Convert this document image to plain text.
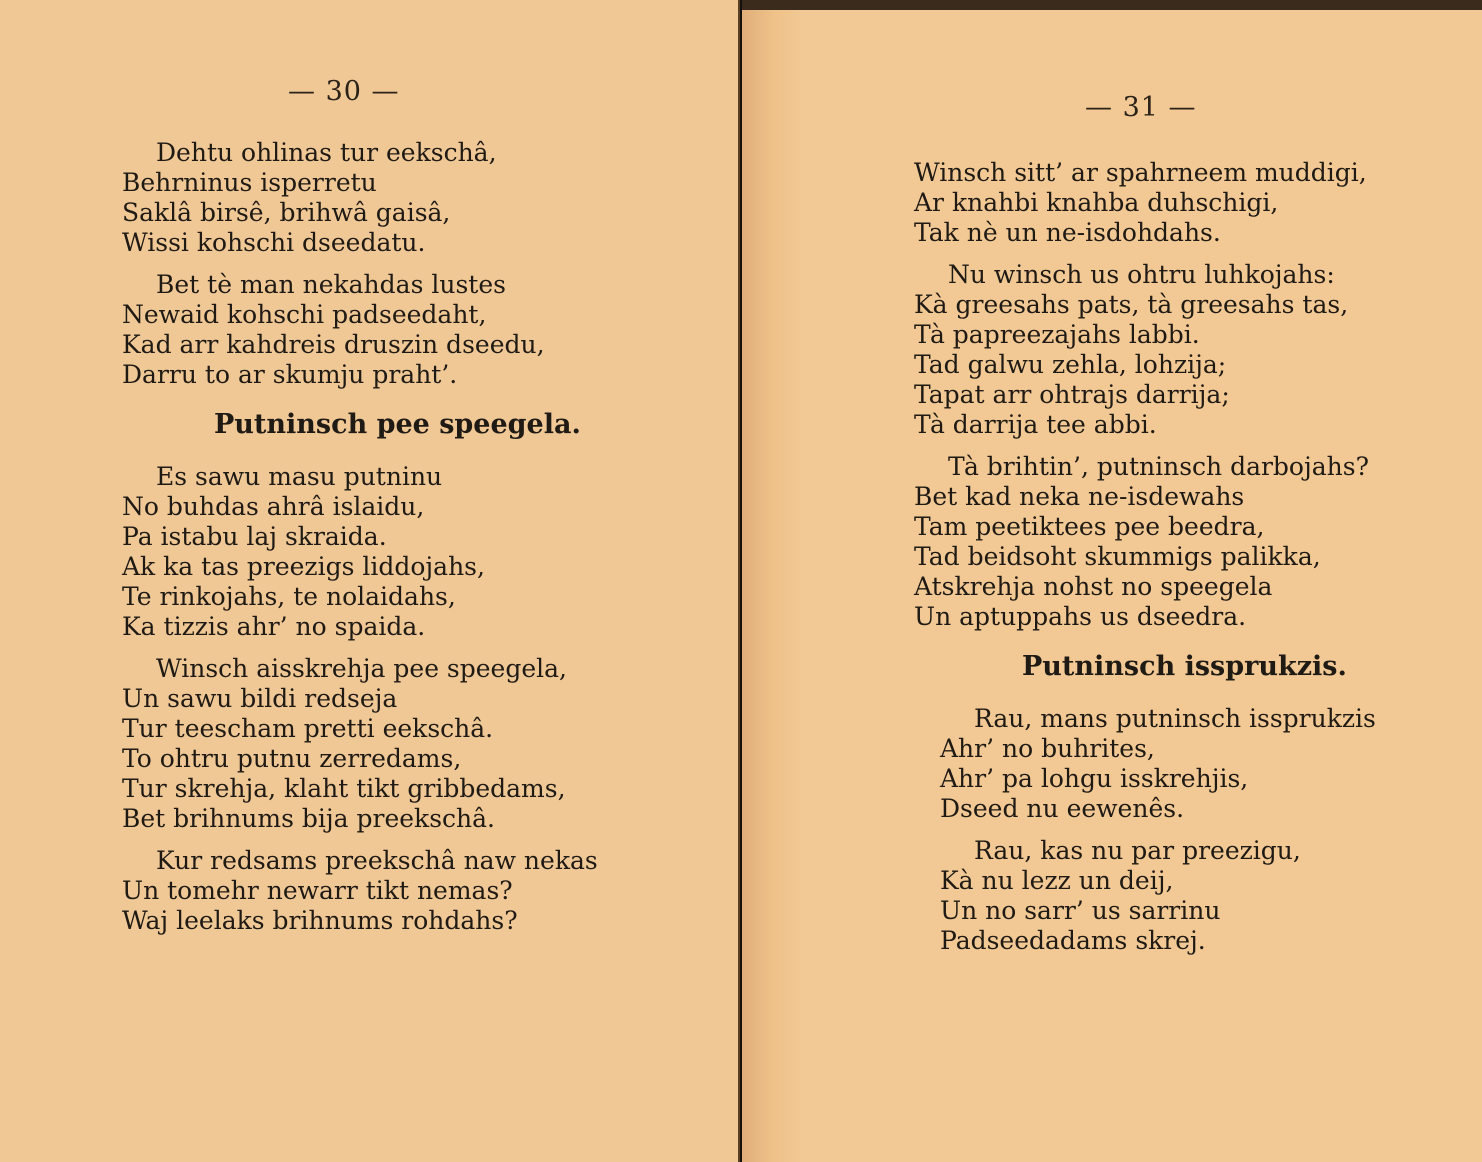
— 30 —
Dehtu ohlinas tur eekschâ,
Behrninus isperretu
Saklâ birsê, brihwâ gaisâ,
Wissi kohschi dseedatu.
Bet tè man nekahdas lustes
Newaid kohschi padseedaht,
Kad arr kahdreis druszin dseedu,
Darru to ar skumju praht’.
Putninsch pee speegela.
Es sawu masu putninu
No buhdas ahrâ islaidu,
Pa istabu laj skraida.
Ak ka tas preezigs liddojahs,
Te rinkojahs, te nolaidahs,
Ka tizzis ahr’ no spaida.
Winsch aisskrehja pee speegela,
Un sawu bildi redseja
Tur teescham pretti eekschâ.
To ohtru putnu zerredams,
Tur skrehja, klaht tikt gribbedams,
Bet brihnums bija preekschâ.
Kur redsams preekschâ naw nekas
Un tomehr newarr tikt nemas?
Waj leelaks brihnums rohdahs?
— 31 —
Winsch sitt’ ar spahrneem muddigi,
Ar knahbi knahba duhschigi,
Tak nè un ne-isdohdahs.
Nu winsch us ohtru luhkojahs:
Kà greesahs pats, tà greesahs tas,
Tà papreezajahs labbi.
Tad galwu zehla, lohzija;
Tapat arr ohtrajs darrija;
Tà darrija tee abbi.
Tà brihtin’, putninsch darbojahs?
Bet kad neka ne-isdewahs
Tam peetiktees pee beedra,
Tad beidsoht skummigs palikka,
Atskrehja nohst no speegela
Un aptuppahs us dseedra.
Putninsch issprukzis.
Rau, mans putninsch issprukzis
Ahr’ no buhrites,
Ahr’ pa lohgu isskrehjis,
Dseed nu eewenês.
Rau, kas nu par preezigu,
Kà nu lezz un deij,
Un no sarr’ us sarrinu
Padseedadams skrej.
